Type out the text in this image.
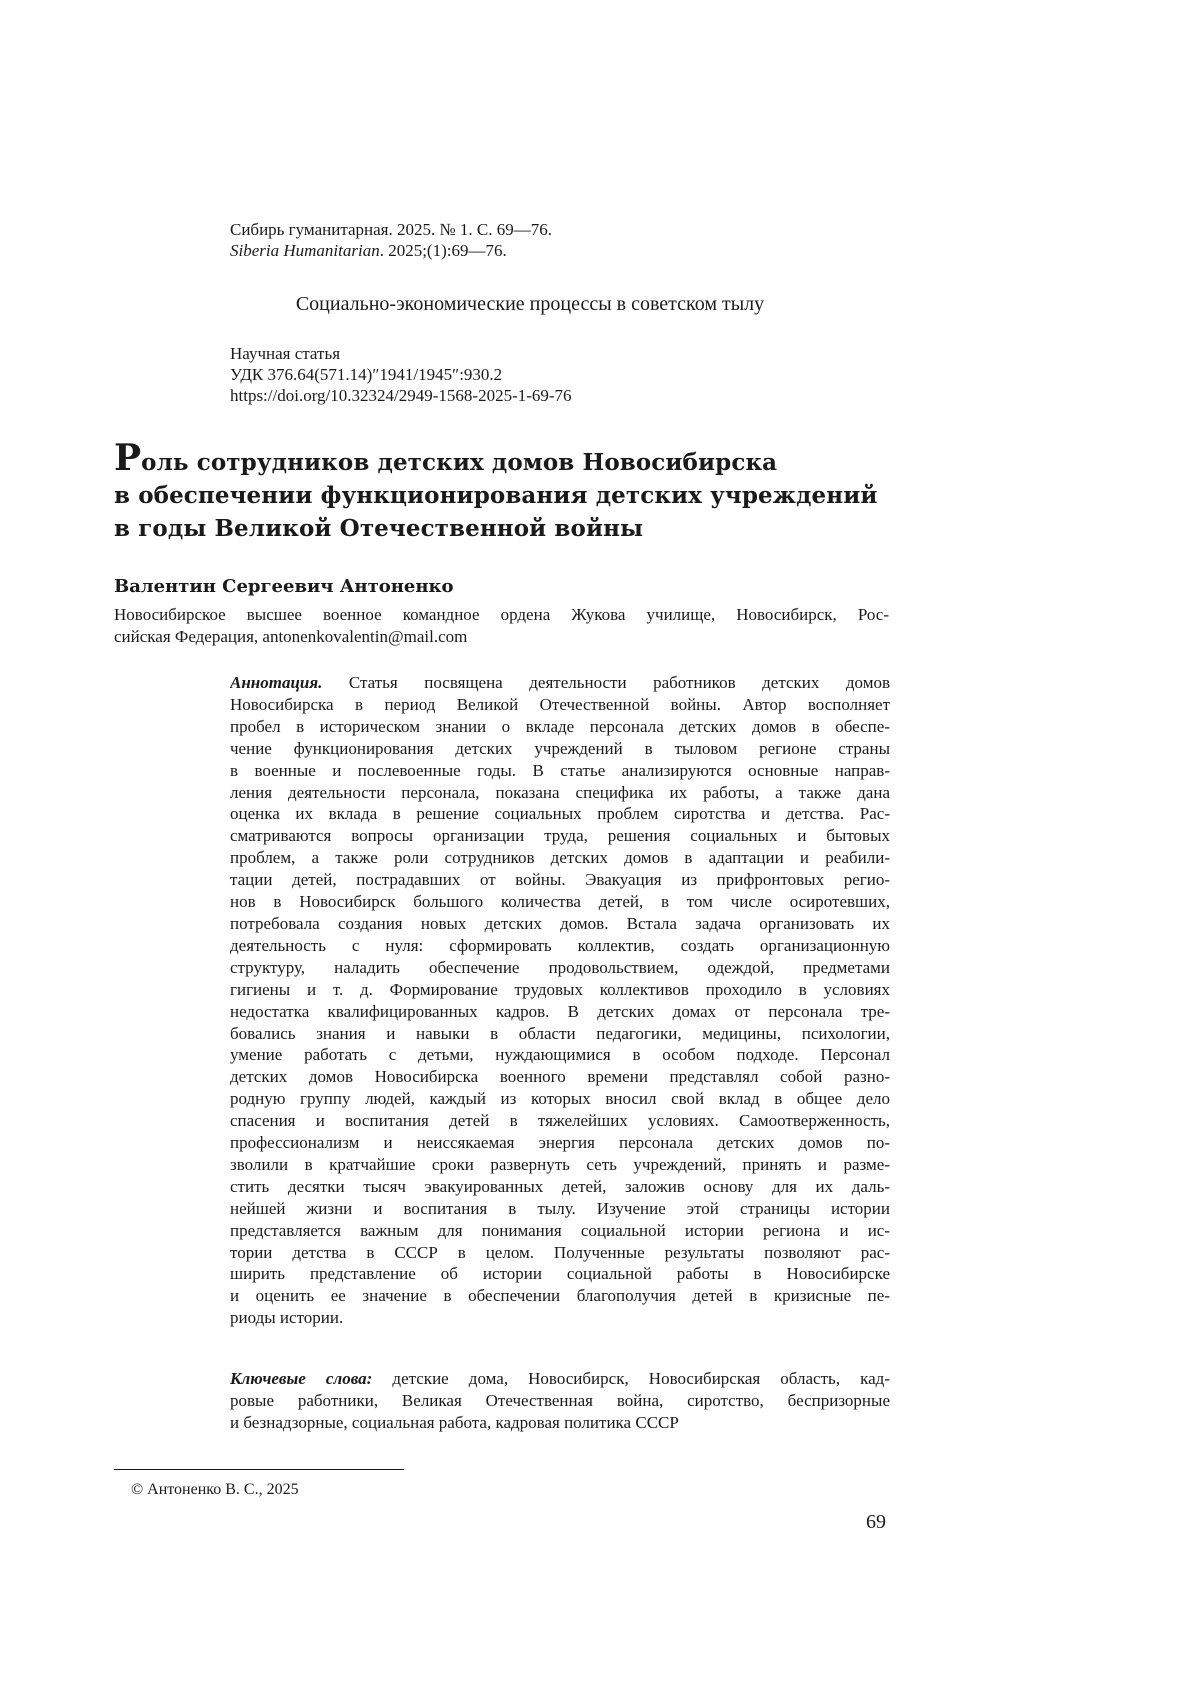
Сибирь гуманитарная. 2025. № 1. С. 69—76.
Siberia Humanitarian. 2025;(1):69—76.
Социально-экономические процессы в советском тылу
Научная статья
УДК 376.64(571.14)″1941/1945″:930.2
https://doi.org/10.32324/2949-1568-2025-1-69-76
Роль сотрудников детских домов Новосибирска
в обеспечении функционирования детских учреждений
в годы Великой Отечественной войны
Валентин Сергеевич Антоненко
Новосибирское высшее военное командное ордена Жукова училище, Новосибирск, Рос-
сийская Федерация, antonenkovalentin@mail.com
Аннотация. Статья посвящена деятельности работников детских домов
Новосибирска в период Великой Отечественной войны. Автор восполняет
пробел в историческом знании о вкладе персонала детских домов в обеспе-
чение функционирования детских учреждений в тыловом регионе страны
в военные и послевоенные годы. В статье анализируются основные направ-
ления деятельности персонала, показана специфика их работы, а также дана
оценка их вклада в решение социальных проблем сиротства и детства. Рас-
сматриваются вопросы организации труда, решения социальных и бытовых
проблем, а также роли сотрудников детских домов в адаптации и реабили-
тации детей, пострадавших от войны. Эвакуация из прифронтовых регио-
нов в Новосибирск большого количества детей, в том числе осиротевших,
потребовала создания новых детских домов. Встала задача организовать их
деятельность с нуля: сформировать коллектив, создать организационную
структуру, наладить обеспечение продовольствием, одеждой, предметами
гигиены и т. д. Формирование трудовых коллективов проходило в условиях
недостатка квалифицированных кадров. В детских домах от персонала тре-
бовались знания и навыки в области педагогики, медицины, психологии,
умение работать с детьми, нуждающимися в особом подходе. Персонал
детских домов Новосибирска военного времени представлял собой разно-
родную группу людей, каждый из которых вносил свой вклад в общее дело
спасения и воспитания детей в тяжелейших условиях. Самоотверженность,
профессионализм и неиссякаемая энергия персонала детских домов по-
зволили в кратчайшие сроки развернуть сеть учреждений, принять и разме-
стить десятки тысяч эвакуированных детей, заложив основу для их даль-
нейшей жизни и воспитания в тылу. Изучение этой страницы истории
представляется важным для понимания социальной истории региона и ис-
тории детства в СССР в целом. Полученные результаты позволяют рас-
ширить представление об истории социальной работы в Новосибирске
и оценить ее значение в обеспечении благополучия детей в кризисные пе-
риоды истории.
Ключевые слова: детские дома, Новосибирск, Новосибирская область, кад-
ровые работники, Великая Отечественная война, сиротство, беспризорные
и безнадзорные, социальная работа, кадровая политика СССР
© Антоненко В. С., 2025
69
